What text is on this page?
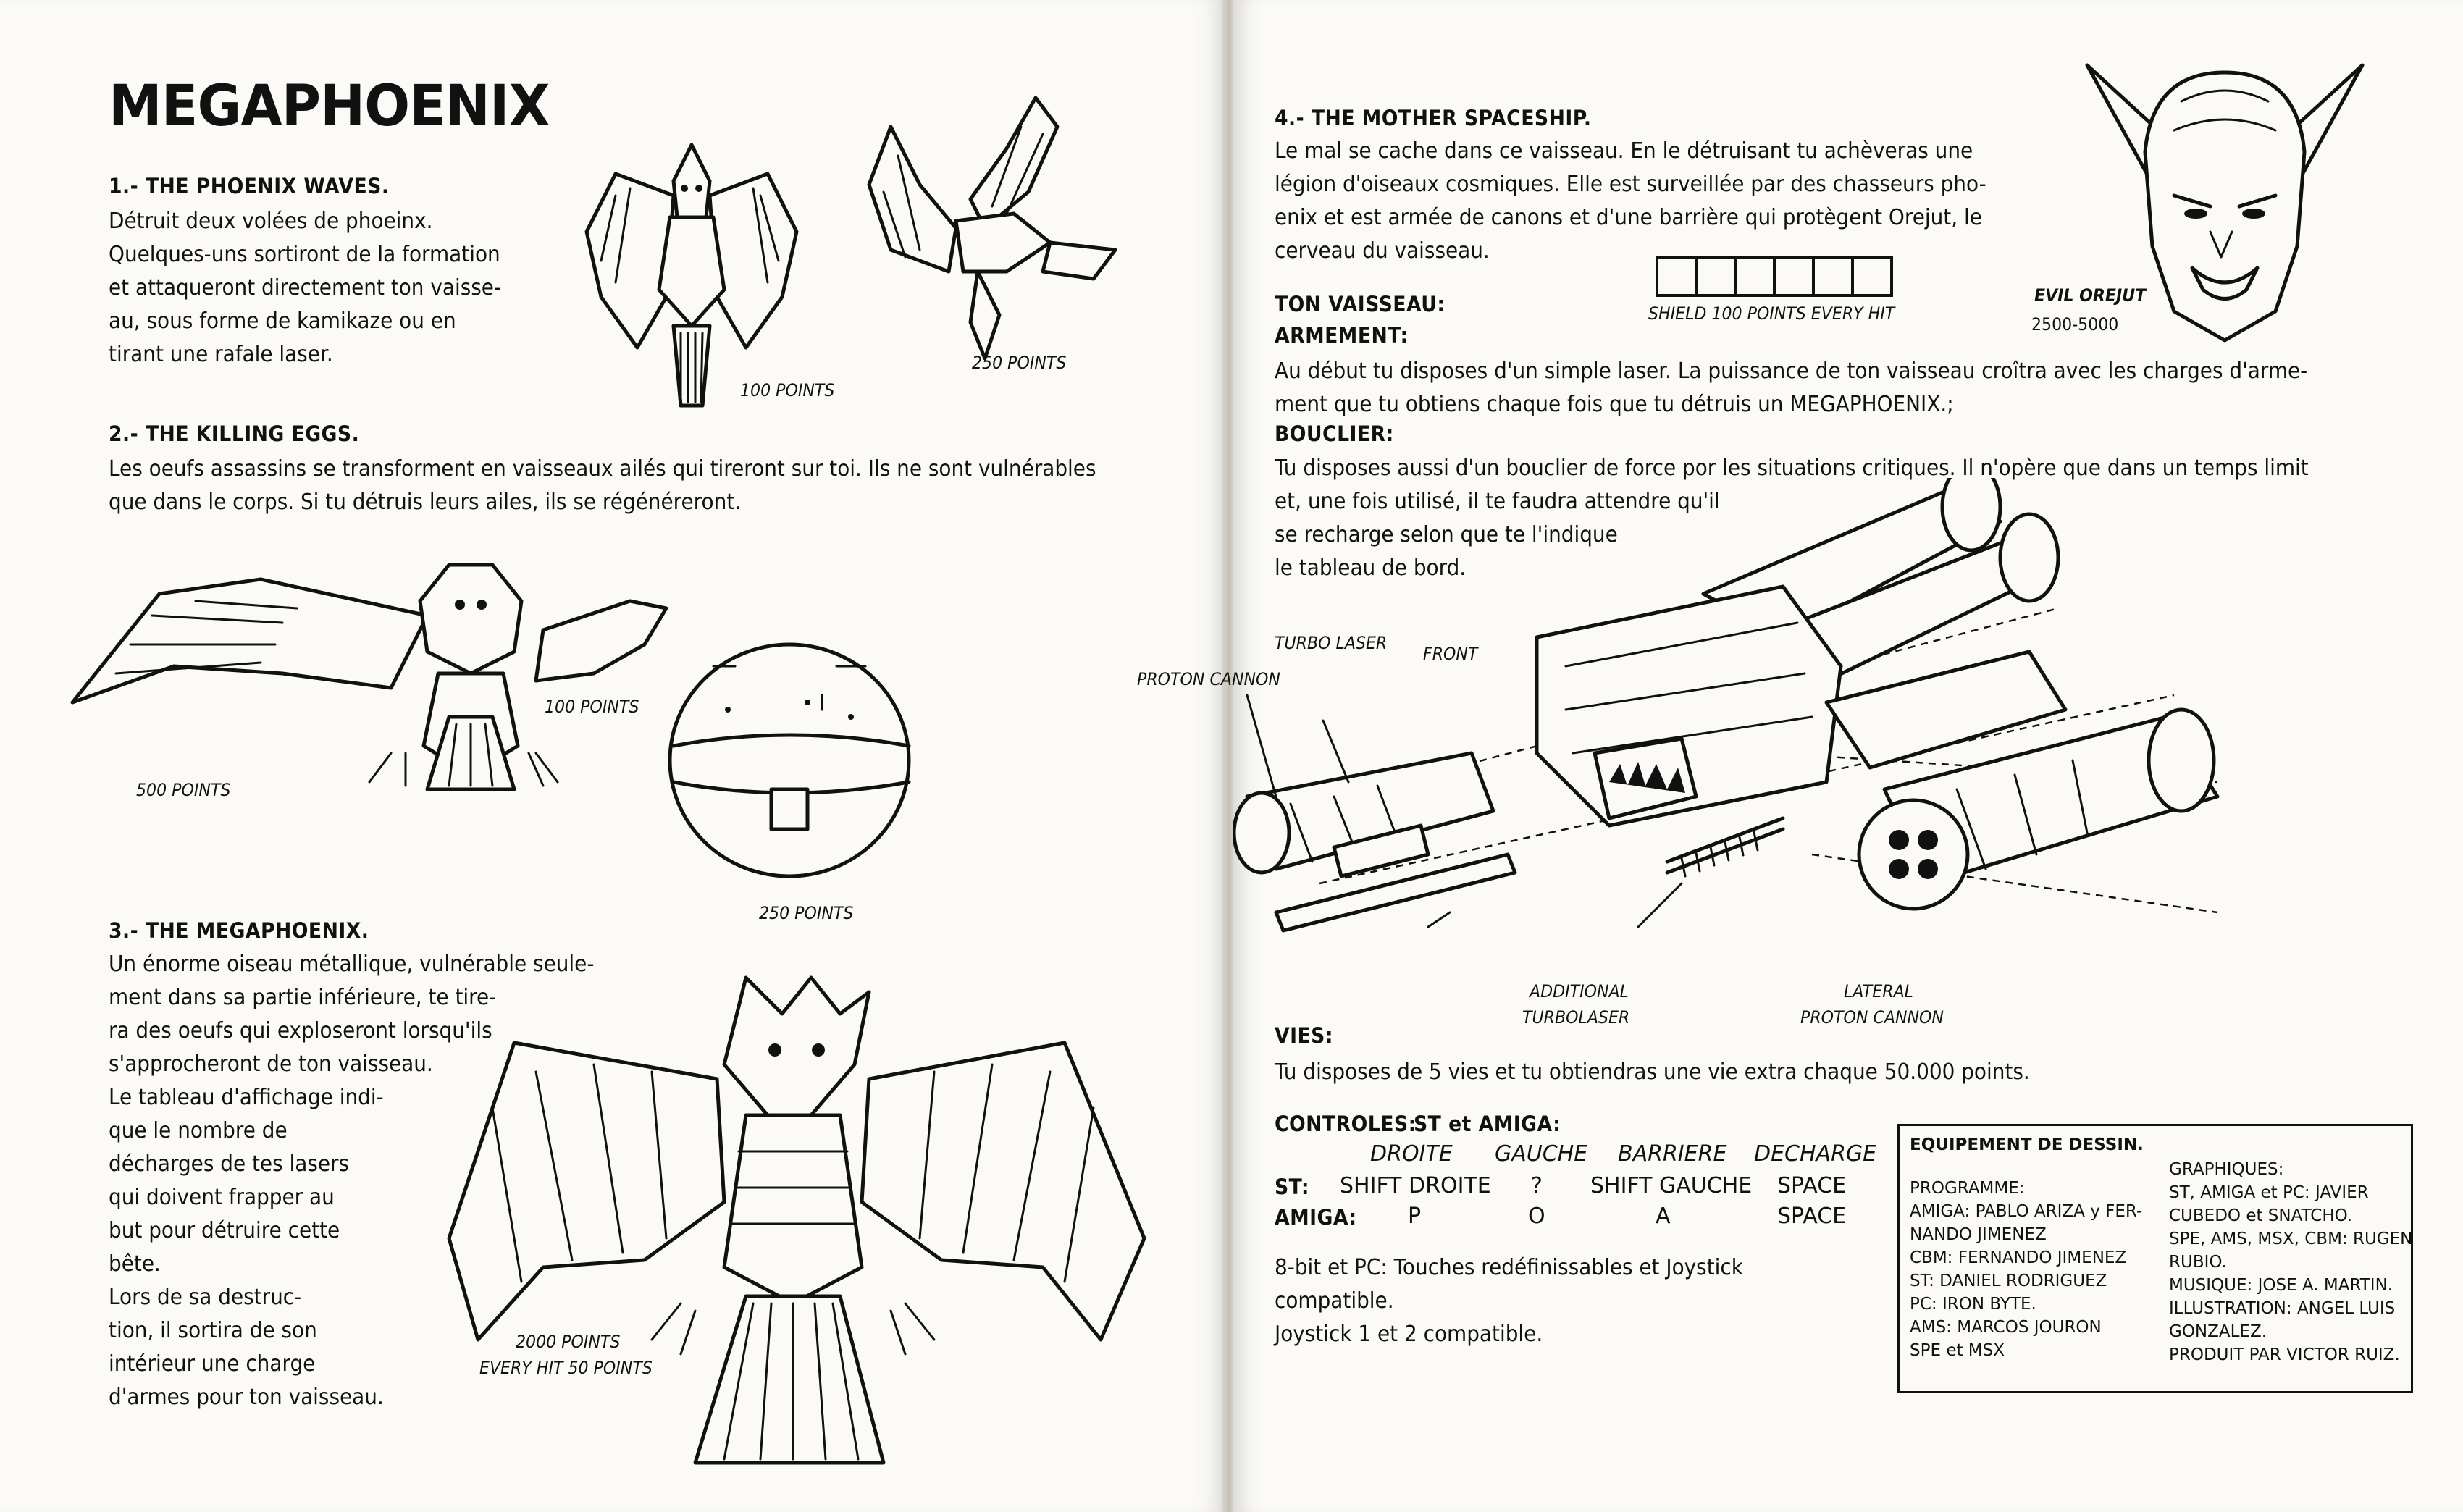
MEGAPHOENIX
1.- THE PHOENIX WAVES.
Détruit deux volées de phoeinx.
Quelques-uns sortiront de la formation
et attaqueront directement ton vaisse-
au, sous forme de kamikaze ou en
tirant une rafale laser.
100 POINTS
250 POINTS
2.- THE KILLING EGGS.
Les oeufs assassins se transforment en vaisseaux ailés qui tireront sur toi. Ils ne sont vulnérables
que dans le corps. Si tu détruis leurs ailes, ils se régénéreront.
500 POINTS
100 POINTS
250 POINTS
3.- THE MEGAPHOENIX.
Un énorme oiseau métallique, vulnérable seule-
ment dans sa partie inférieure, te tire-
ra des oeufs qui exploseront lorsqu'ils
s'approcheront de ton vaisseau.
Le tableau d'affichage indi-
que le nombre de
décharges de tes lasers
qui doivent frapper au
but pour détruire cette
bête.
Lors de sa destruc-
tion, il sortira de son
intérieur une charge
d'armes pour ton vaisseau.
2000 POINTS
EVERY HIT 50 POINTS
4.- THE MOTHER SPACESHIP.
Le mal se cache dans ce vaisseau. En le détruisant tu achèveras une
légion d'oiseaux cosmiques. Elle est surveillée par des chasseurs pho-
enix et est armée de canons et d'une barrière qui protègent Orejut, le
cerveau du vaisseau.
SHIELD 100 POINTS EVERY HIT
EVIL OREJUT
2500-5000
TON VAISSEAU:
ARMEMENT:
Au début tu disposes d'un simple laser. La puissance de ton vaisseau croîtra avec les charges d'arme-
ment que tu obtiens chaque fois que tu détruis un MEGAPHOENIX.;
BOUCLIER:
Tu disposes aussi d'un bouclier de force por les situations critiques. Il n'opère que dans un temps limit
et, une fois utilisé, il te faudra attendre qu'il
se recharge selon que te l'indique
le tableau de bord.
FRONT
PROTON CANNON
TURBO LASER
ADDITIONAL
TURBOLASER
LATERAL
PROTON CANNON
VIES:
Tu disposes de 5 vies et tu obtiendras une vie extra chaque 50.000 points.
CONTROLES:
ST et AMIGA:
DROITE GAUCHE BARRIERE DECHARGE
ST: SHIFT DROITE ? SHIFT GAUCHE SPACE
AMIGA: P	O	A	SPACE
8-bit et PC: Touches redéfinissables et Joystick
compatible.
Joystick 1 et 2 compatible.
EQUIPEMENT DE DESSIN.
PROGRAMME:
AMIGA: PABLO ARIZA y FER-
NANDO JIMENEZ
CBM: FERNANDO JIMENEZ
ST: DANIEL RODRIGUEZ
PC: IRON BYTE.
AMS: MARCOS JOURON
SPE et MSX
GRAPHIQUES:
ST, AMIGA et PC: JAVIER
CUBEDO et SNATCHO.
SPE, AMS, MSX, CBM: RUGEN
RUBIO.
MUSIQUE: JOSE A. MARTIN.
ILLUSTRATION: ANGEL LUIS
GONZALEZ.
PRODUIT PAR VICTOR RUIZ.
